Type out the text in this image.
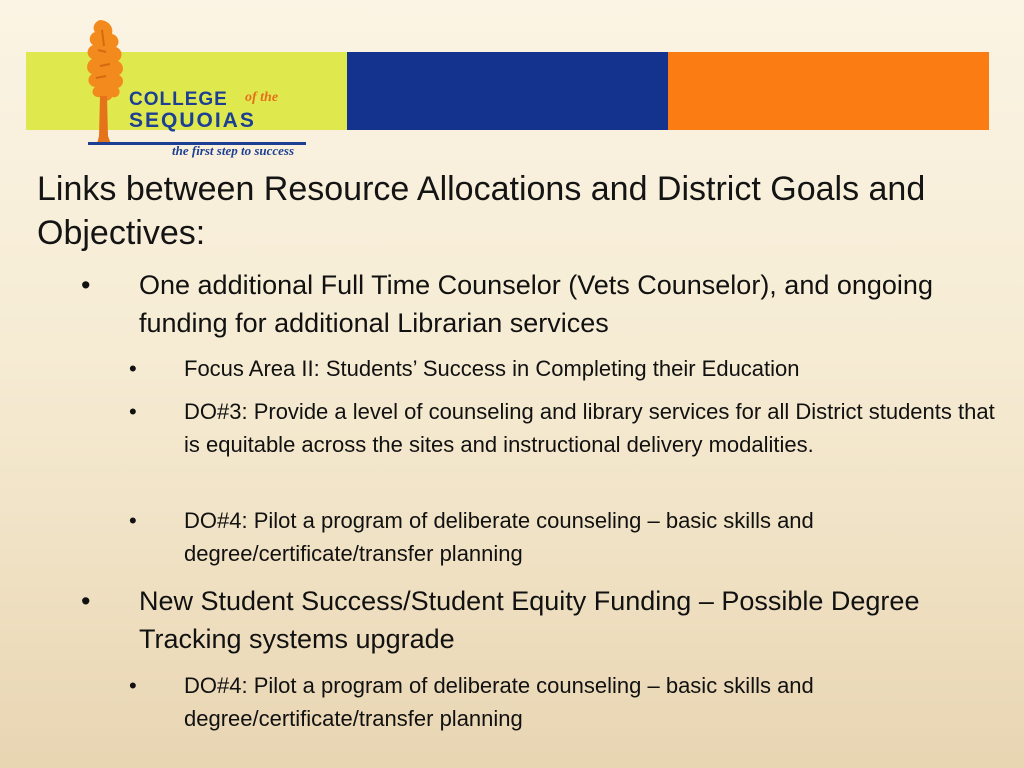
COLLEGE of the
SEQUOIAS
the first step to success
Links between Resource Allocations and District Goals and Objectives:
• One additional Full Time Counselor (Vets Counselor), and ongoing funding for additional Librarian services
• Focus Area II: Students’ Success in Completing their Education
• DO#3: Provide a level of counseling and library services for all District students that is equitable across the sites and instructional delivery modalities.
• DO#4: Pilot a program of deliberate counseling – basic skills and degree/certificate/transfer planning
• New Student Success/Student Equity Funding – Possible Degree Tracking systems upgrade
• DO#4: Pilot a program of deliberate counseling – basic skills and degree/certificate/transfer planning
